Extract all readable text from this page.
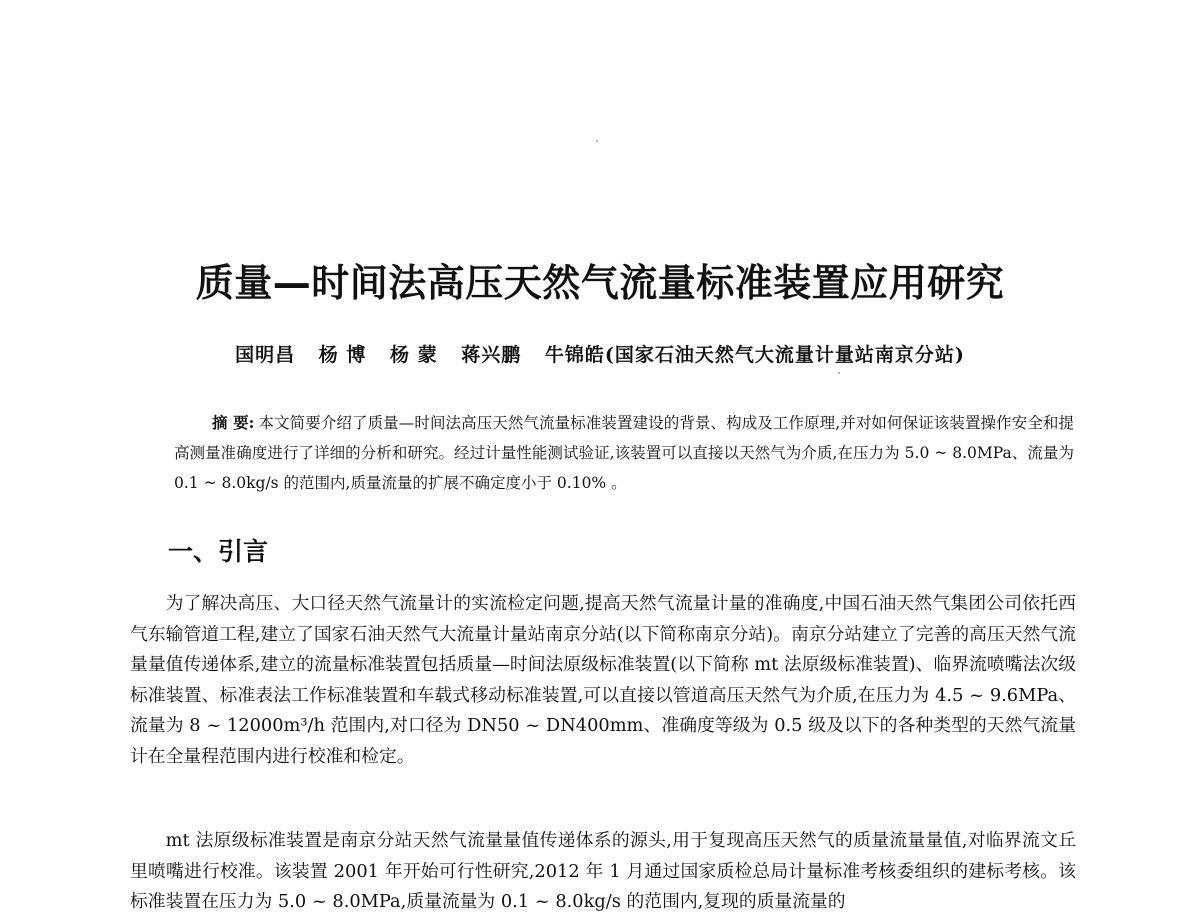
质量—时间法高压天然气流量标准装置应用研究

国明昌 杨 博 杨 蒙 蒋兴鹏 牛锦皓(国家石油天然气大流量计量站南京分站)

摘 要: 本文简要介绍了质量—时间法高压天然气流量标准装置建设的背景、构成及工作原理,并对如何保证该装置操作安全和提高测量准确度进行了详细的分析和研究。经过计量性能测试验证,该装置可以直接以天然气为介质,在压力为 5.0 ~ 8.0MPa、流量为 0.1 ~ 8.0kg/s 的范围内,质量流量的扩展不确定度小于 0.10% 。

一、引言

为了解决高压、大口径天然气流量计的实流检定问题,提高天然气流量计量的准确度,中国石油天然气集团公司依托西气东输管道工程,建立了国家石油天然气大流量计量站南京分站(以下简称南京分站)。南京分站建立了完善的高压天然气流量量值传递体系,建立的流量标准装置包括质量—时间法原级标准装置(以下简称 mt 法原级标准装置)、临界流喷嘴法次级标准装置、标准表法工作标准装置和车载式移动标准装置,可以直接以管道高压天然气为介质,在压力为 4.5 ~ 9.6MPa、流量为 8 ~ 12000m³/h 范围内,对口径为 DN50 ~ DN400mm、准确度等级为 0.5 级及以下的各种类型的天然气流量计在全量程范围内进行校准和检定。

mt 法原级标准装置是南京分站天然气流量量值传递体系的源头,用于复现高压天然气的质量流量量值,对临界流文丘里喷嘴进行校准。该装置 2001 年开始可行性研究,2012 年 1 月通过国家质检总局计量标准考核委组织的建标考核。该标准装置在压力为 5.0 ~ 8.0MPa,质量流量为 0.1 ~ 8.0kg/s 的范围内,复现的质量流量的
